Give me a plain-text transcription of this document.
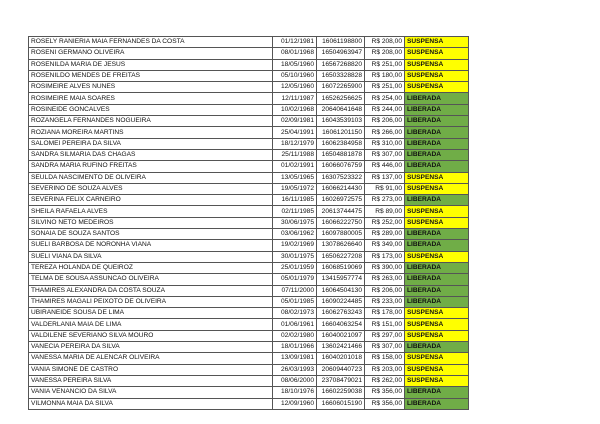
ROSELY RANIERIA MAIA FERNANDES DA COSTA	01/12/1981	16061198800	R$ 208,00	SUSPENSA
ROSENI GERMANO OLIVEIRA	08/01/1968	16504963947	R$ 208,00	SUSPENSA
ROSENILDA MARIA DE JESUS	18/05/1960	16567268820	R$ 251,00	SUSPENSA
ROSENILDO MENDES DE FREITAS	05/10/1960	16503328828	R$ 180,00	SUSPENSA
ROSIMEIRE ALVES NUNES	12/05/1960	16072265900	R$ 251,00	SUSPENSA
ROSIMEIRE MAIA SOARES	12/11/1987	16526256625	R$ 254,00	LIBERADA
ROSINEIDE GONCALVES	10/02/1968	20640641648	R$ 244,00	LIBERADA
ROZANGELA FERNANDES NOGUEIRA	02/09/1981	16043539103	R$ 206,00	LIBERADA
ROZIANA MOREIRA MARTINS	25/04/1991	16061201150	R$ 266,00	LIBERADA
SALOMEI PEREIRA DA SILVA	18/12/1979	16062384958	R$ 310,00	LIBERADA
SANDRA SILMARIA DAS CHAGAS	25/11/1988	16504881878	R$ 307,00	LIBERADA
SANDRA MARIA RUFINO FREITAS	01/02/1991	16066076759	R$ 446,00	LIBERADA
SEULDA NASCIMENTO DE OLIVEIRA	13/05/1965	16307523322	R$ 137,00	SUSPENSA
SEVERINO DE SOUZA ALVES	19/05/1972	16066214430	R$ 91,00	SUSPENSA
SEVERINA FELIX CARNEIRO	16/11/1985	16026972575	R$ 273,00	LIBERADA
SHEILA RAFAELA ALVES	02/11/1985	20613744475	R$ 89,00	SUSPENSA
SILVINO NETO MEDEIROS	30/06/1975	16066222750	R$ 252,00	SUSPENSA
SONAIA DE SOUZA SANTOS	03/06/1962	16097880005	R$ 289,00	LIBERADA
SUELI BARBOSA DE NORONHA VIANA	19/02/1969	13078626640	R$ 349,00	LIBERADA
SUELI VIANA DA SILVA	30/01/1975	16506227208	R$ 173,00	SUSPENSA
TEREZA HOLANDA DE QUEIROZ	25/01/1959	16068519069	R$ 390,00	LIBERADA
TELMA DE SOUSA ASSUNCAO OLIVEIRA	05/01/1979	13415957774	R$ 263,00	LIBERADA
THAMIRES ALEXANDRA DA COSTA SOUZA	07/11/2000	16064504130	R$ 206,00	LIBERADA
THAMIRES MAGALI PEIXOTO DE OLIVEIRA	05/01/1985	16090224485	R$ 233,00	LIBERADA
UBIRANEIDE SOUSA DE LIMA	08/02/1973	16062763243	R$ 178,00	SUSPENSA
VALDERLANIA MAIA DE LIMA	01/06/1961	16604063254	R$ 151,00	SUSPENSA
VALDILENE SEVERIANO SILVA MOURO	02/02/1980	16040021097	R$ 297,00	SUSPENSA
VANECIA PEREIRA DA SILVA	18/01/1966	13602421466	R$ 307,00	LIBERADA
VANESSA MARIA DE ALENCAR OLIVEIRA	13/09/1981	16040201018	R$ 158,00	SUSPENSA
VANIA SIMONE DE CASTRO	26/03/1993	20609440723	R$ 203,00	SUSPENSA
VANESSA PEREIRA SILVA	08/06/2000	23708479021	R$ 262,00	SUSPENSA
VANIA VENANCIO DA SILVA	18/10/1976	16602259038	R$ 356,00	LIBERADA
VILMONNA MAIA DA SILVA	12/09/1960	16606015190	R$ 356,00	LIBERADA
